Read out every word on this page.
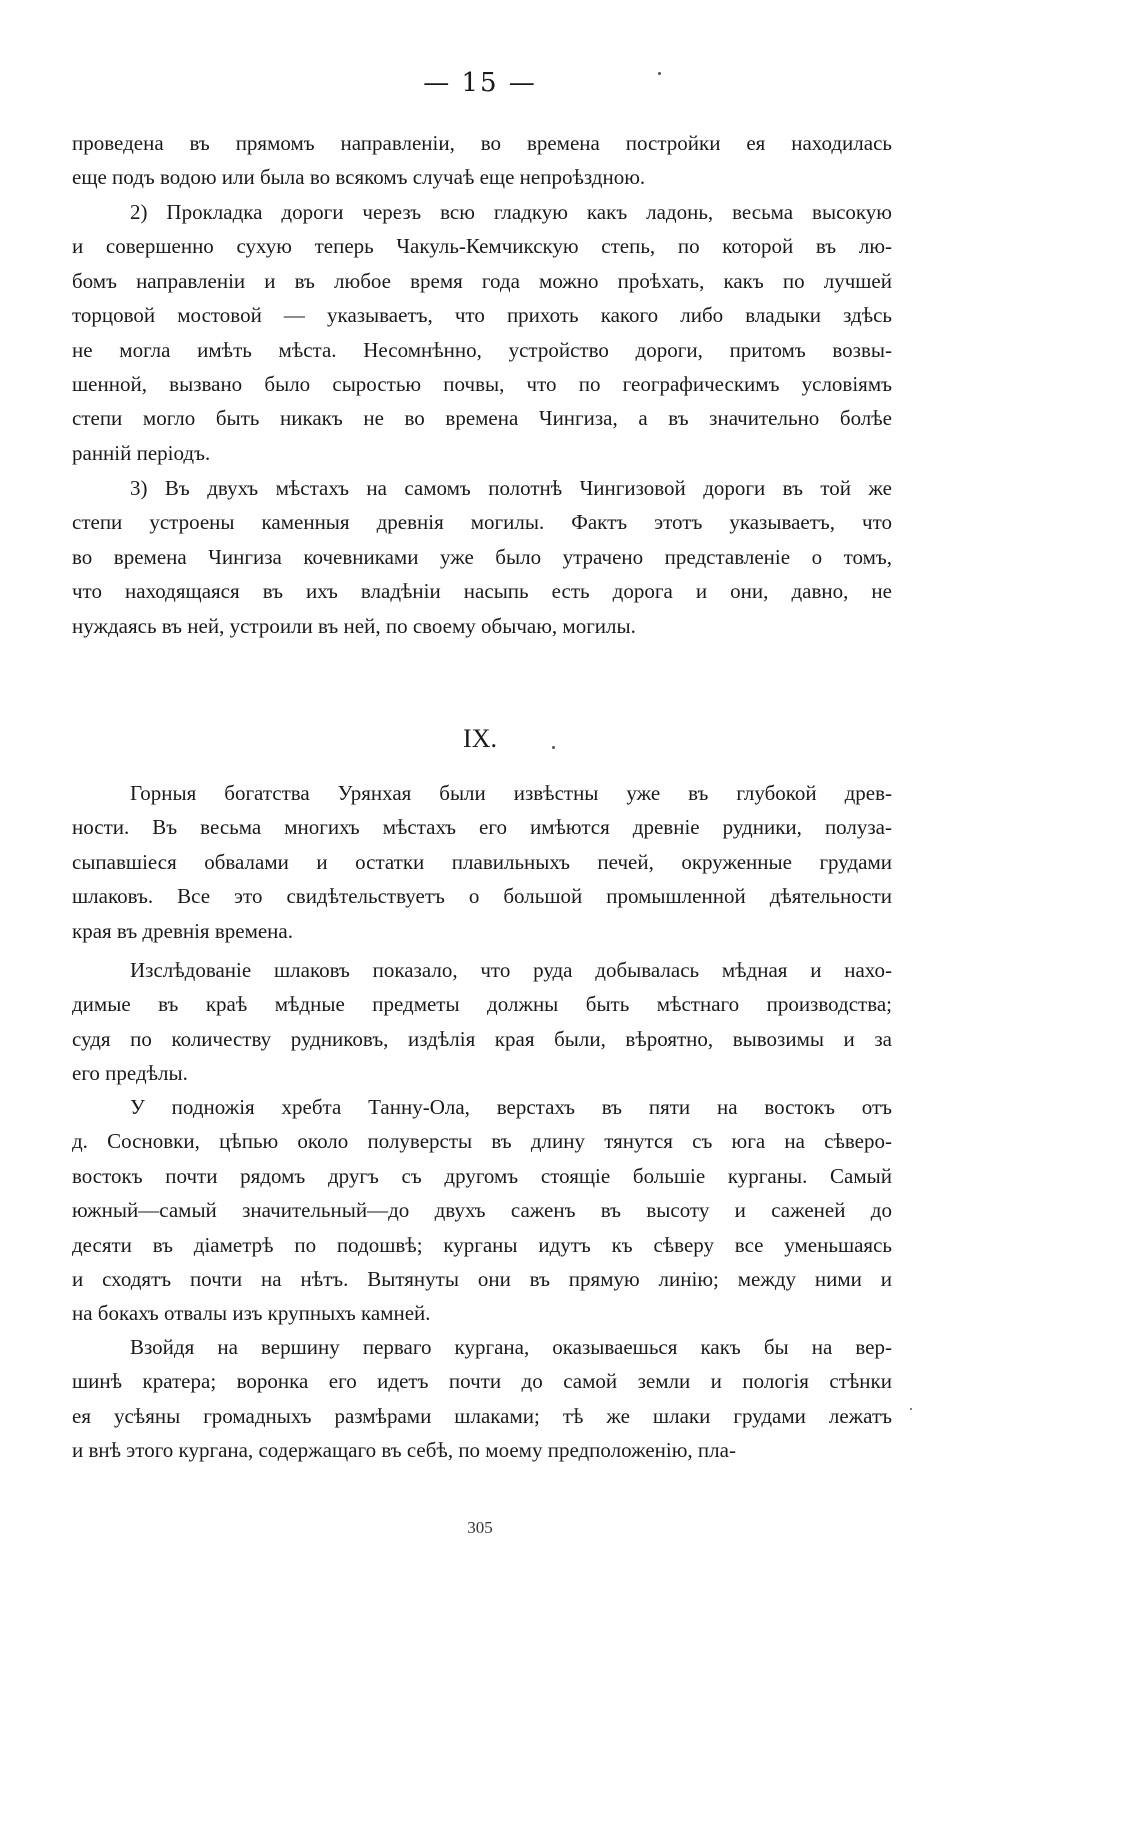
— 15 —
проведена въ прямомъ направленiи, во времена постройки ея находилась
еще подъ водою или была во всякомъ случаѣ еще непроѣздною.
2) Прокладка дороги черезъ всю гладкую какъ ладонь, весьма высокую
и совершенно сухую теперь Чакуль-Кемчикскую степь, по которой въ лю-
бомъ направленiи и въ любое время года можно проѣхать, какъ по лучшей
торцовой мостовой — указываетъ, что прихоть какого либо владыки здѣсь
не могла имѣть мѣста. Несомнѣнно, устройство дороги, притомъ возвы-
шенной, вызвано было сыростью почвы, что по географическимъ условiямъ
степи могло быть никакъ не во времена Чингиза, а въ значительно болѣе
ранній періодъ.
3) Въ двухъ мѣстахъ на самомъ полотнѣ Чингизовой дороги въ той же
степи устроены каменныя древнія могилы. Фактъ этотъ указываетъ, что
во времена Чингиза кочевниками уже было утрачено представленіе о томъ,
что находящаяся въ ихъ владѣніи насыпь есть дорога и они, давно, не
нуждаясь въ ней, устроили въ ней, по своему обычаю, могилы.
IX.
Горныя богатства Урянхая были извѣстны уже въ глубокой древ-
ности. Въ весьма многихъ мѣстахъ его имѣются древніе рудники, полуза-
сыпавшіеся обвалами и остатки плавильныхъ печей, окруженные грудами
шлаковъ. Все это свидѣтельствуетъ о большой промышленной дѣятельности
края въ древнія времена.
Изслѣдованіе шлаковъ показало, что руда добывалась мѣдная и нахо-
димые въ краѣ мѣдные предметы должны быть мѣстнаго производства;
судя по количеству рудниковъ, издѣлія края были, вѣроятно, вывозимы и за
его предѣлы.
У подножія хребта Танну-Ола, верстахъ въ пяти на востокъ отъ
д. Сосновки, цѣпью около полуверсты въ длину тянутся съ юга на сѣверо-
востокъ почти рядомъ другъ съ другомъ стоящіе большіе курганы. Самый
южный—самый значительный—до двухъ саженъ въ высоту и саженей до
десяти въ діаметрѣ по подошвѣ; курганы идутъ къ сѣверу все уменьшаясь
и сходятъ почти на нѣтъ. Вытянуты они въ прямую линію; между ними и
на бокахъ отвалы изъ крупныхъ камней.
Взойдя на вершину перваго кургана, оказываешься какъ бы на вер-
шинѣ кратера; воронка его идетъ почти до самой земли и пологія стѣнки
ея усѣяны громадныхъ размѣрами шлаками; тѣ же шлаки грудами лежатъ
и внѣ этого кургана, содержащаго въ себѣ, по моему предположенію, пла-
305
